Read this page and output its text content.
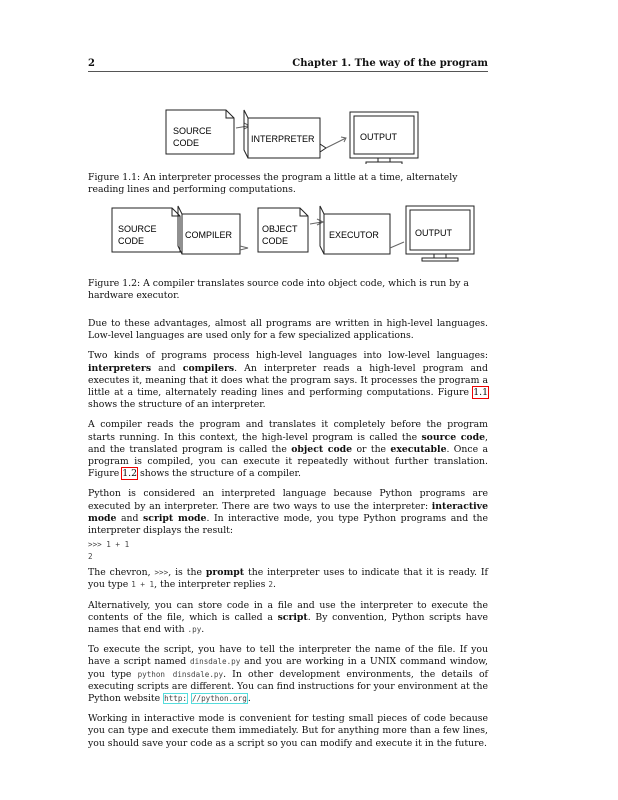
2	Chapter 1. The way of the program
SOURCE
CODE	INTERPRETER	OUTPUT
Figure 1.1: An interpreter processes the program a little at a time, alternately reading lines and performing computations.
SOURCE
CODE
COMPILER
OBJECT
CODE
EXECUTOR	OUTPUT
Figure 1.2: A compiler translates source code into object code, which is run by a hardware executor.

Due to these advantages, almost all programs are written in high-level languages. Low-level languages are used only for a few specialized applications.

Two kinds of programs process high-level languages into low-level languages: interpreters and compilers. An interpreter reads a high-level program and executes it, meaning that it does what the program says. It processes the program a little at a time, alternately reading lines and performing computations. Figure 1.1 shows the structure of an interpreter.

A compiler reads the program and translates it completely before the program starts running. In this context, the high-level program is called the source code, and the translated program is called the object code or the executable. Once a program is compiled, you can execute it repeatedly without further translation. Figure 1.2 shows the structure of a compiler.

Python is considered an interpreted language because Python programs are executed by an interpreter. There are two ways to use the interpreter: interactive mode and script mode. In interactive mode, you type Python programs and the interpreter displays the result:

>>> 1 + 1
2

The chevron, >>>, is the prompt the interpreter uses to indicate that it is ready. If you type 1 + 1, the interpreter replies 2.

Alternatively, you can store code in a file and use the interpreter to execute the contents of the file, which is called a script. By convention, Python scripts have names that end with .py.

To execute the script, you have to tell the interpreter the name of the file. If you have a script named dinsdale.py and you are working in a UNIX command window, you type python dinsdale.py. In other development environments, the details of executing scripts are different. You can find instructions for your environment at the Python website http: //python.org.

Working in interactive mode is convenient for testing small pieces of code because you can type and execute them immediately. But for anything more than a few lines, you should save your code as a script so you can modify and execute it in the future.
